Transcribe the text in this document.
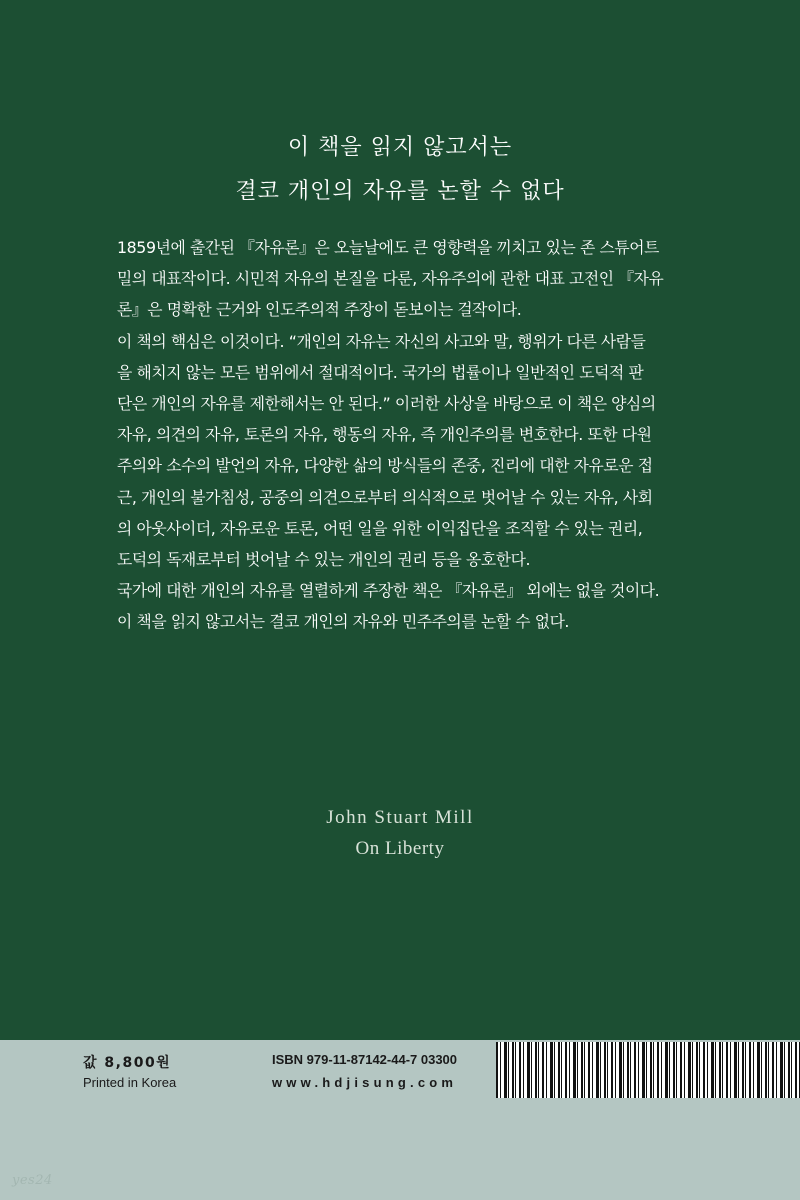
이 책을 읽지 않고서는
결코 개인의 자유를 논할 수 없다
1859년에 출간된 『자유론』은 오늘날에도 큰 영향력을 끼치고 있는 존 스튜어트
밀의 대표작이다. 시민적 자유의 본질을 다룬, 자유주의에 관한 대표 고전인 『자유
론』은 명확한 근거와 인도주의적 주장이 돋보이는 걸작이다.
이 책의 핵심은 이것이다. “개인의 자유는 자신의 사고와 말, 행위가 다른 사람들
을 해치지 않는 모든 범위에서 절대적이다. 국가의 법률이나 일반적인 도덕적 판
단은 개인의 자유를 제한해서는 안 된다.” 이러한 사상을 바탕으로 이 책은 양심의
자유, 의견의 자유, 토론의 자유, 행동의 자유, 즉 개인주의를 변호한다. 또한 다원
주의와 소수의 발언의 자유, 다양한 삶의 방식들의 존중, 진리에 대한 자유로운 접
근, 개인의 불가침성, 공중의 의견으로부터 의식적으로 벗어날 수 있는 자유, 사회
의 아웃사이더, 자유로운 토론, 어떤 일을 위한 이익집단을 조직할 수 있는 권리,
도덕의 독재로부터 벗어날 수 있는 개인의 권리 등을 옹호한다.
국가에 대한 개인의 자유를 열렬하게 주장한 책은 『자유론』 외에는 없을 것이다.
이 책을 읽지 않고서는 결코 개인의 자유와 민주주의를 논할 수 없다.
John Stuart Mill
On Liberty
값 8,800원
Printed in Korea
ISBN 979-11-87142-44-7 03300
www.hdjisung.com
yes24
